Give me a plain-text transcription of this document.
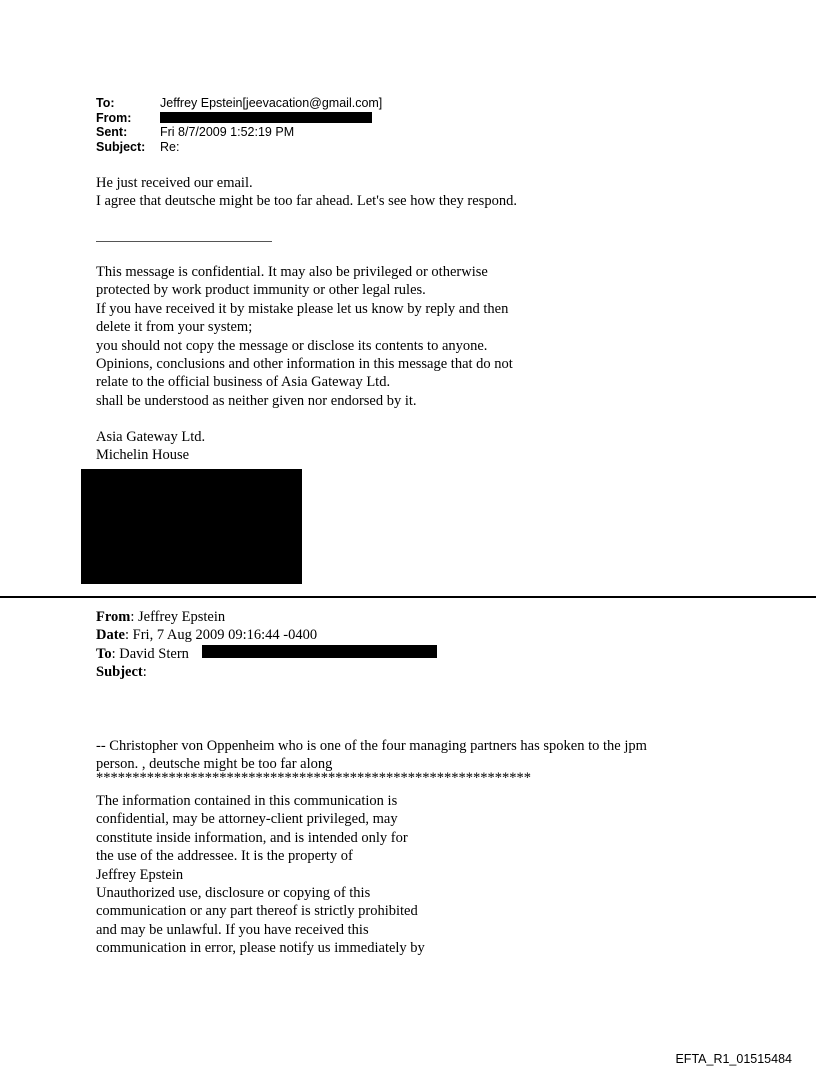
To:	Jeffrey Epstein[jeevacation@gmail.com]
From:
Sent:	Fri 8/7/2009 1:52:19 PM
Subject:	Re:
He just received our email.
I agree that deutsche might be too far ahead. Let's see how they respond.
This message is confidential. It may also be privileged or otherwise
protected by work product immunity or other legal rules.
If you have received it by mistake please let us know by reply and then
delete it from your system;
you should not copy the message or disclose its contents to anyone.
Opinions, conclusions and other information in this message that do not
relate to the official business of Asia Gateway Ltd.
shall be understood as neither given nor endorsed by it.
Asia Gateway Ltd.
Michelin House
From: Jeffrey Epstein
Date: Fri, 7 Aug 2009 09:16:44 -0400
To: David Stern
Subject:
-- Christopher von Oppenheim who is one of the four managing partners has spoken to the jpm
person. , deutsche might be too far along
************************************************************
The information contained in this communication is
confidential, may be attorney-client privileged, may
constitute inside information, and is intended only for
the use of the addressee. It is the property of
Jeffrey Epstein
Unauthorized use, disclosure or copying of this
communication or any part thereof is strictly prohibited
and may be unlawful. If you have received this
communication in error, please notify us immediately by
EFTA_R1_01515484
